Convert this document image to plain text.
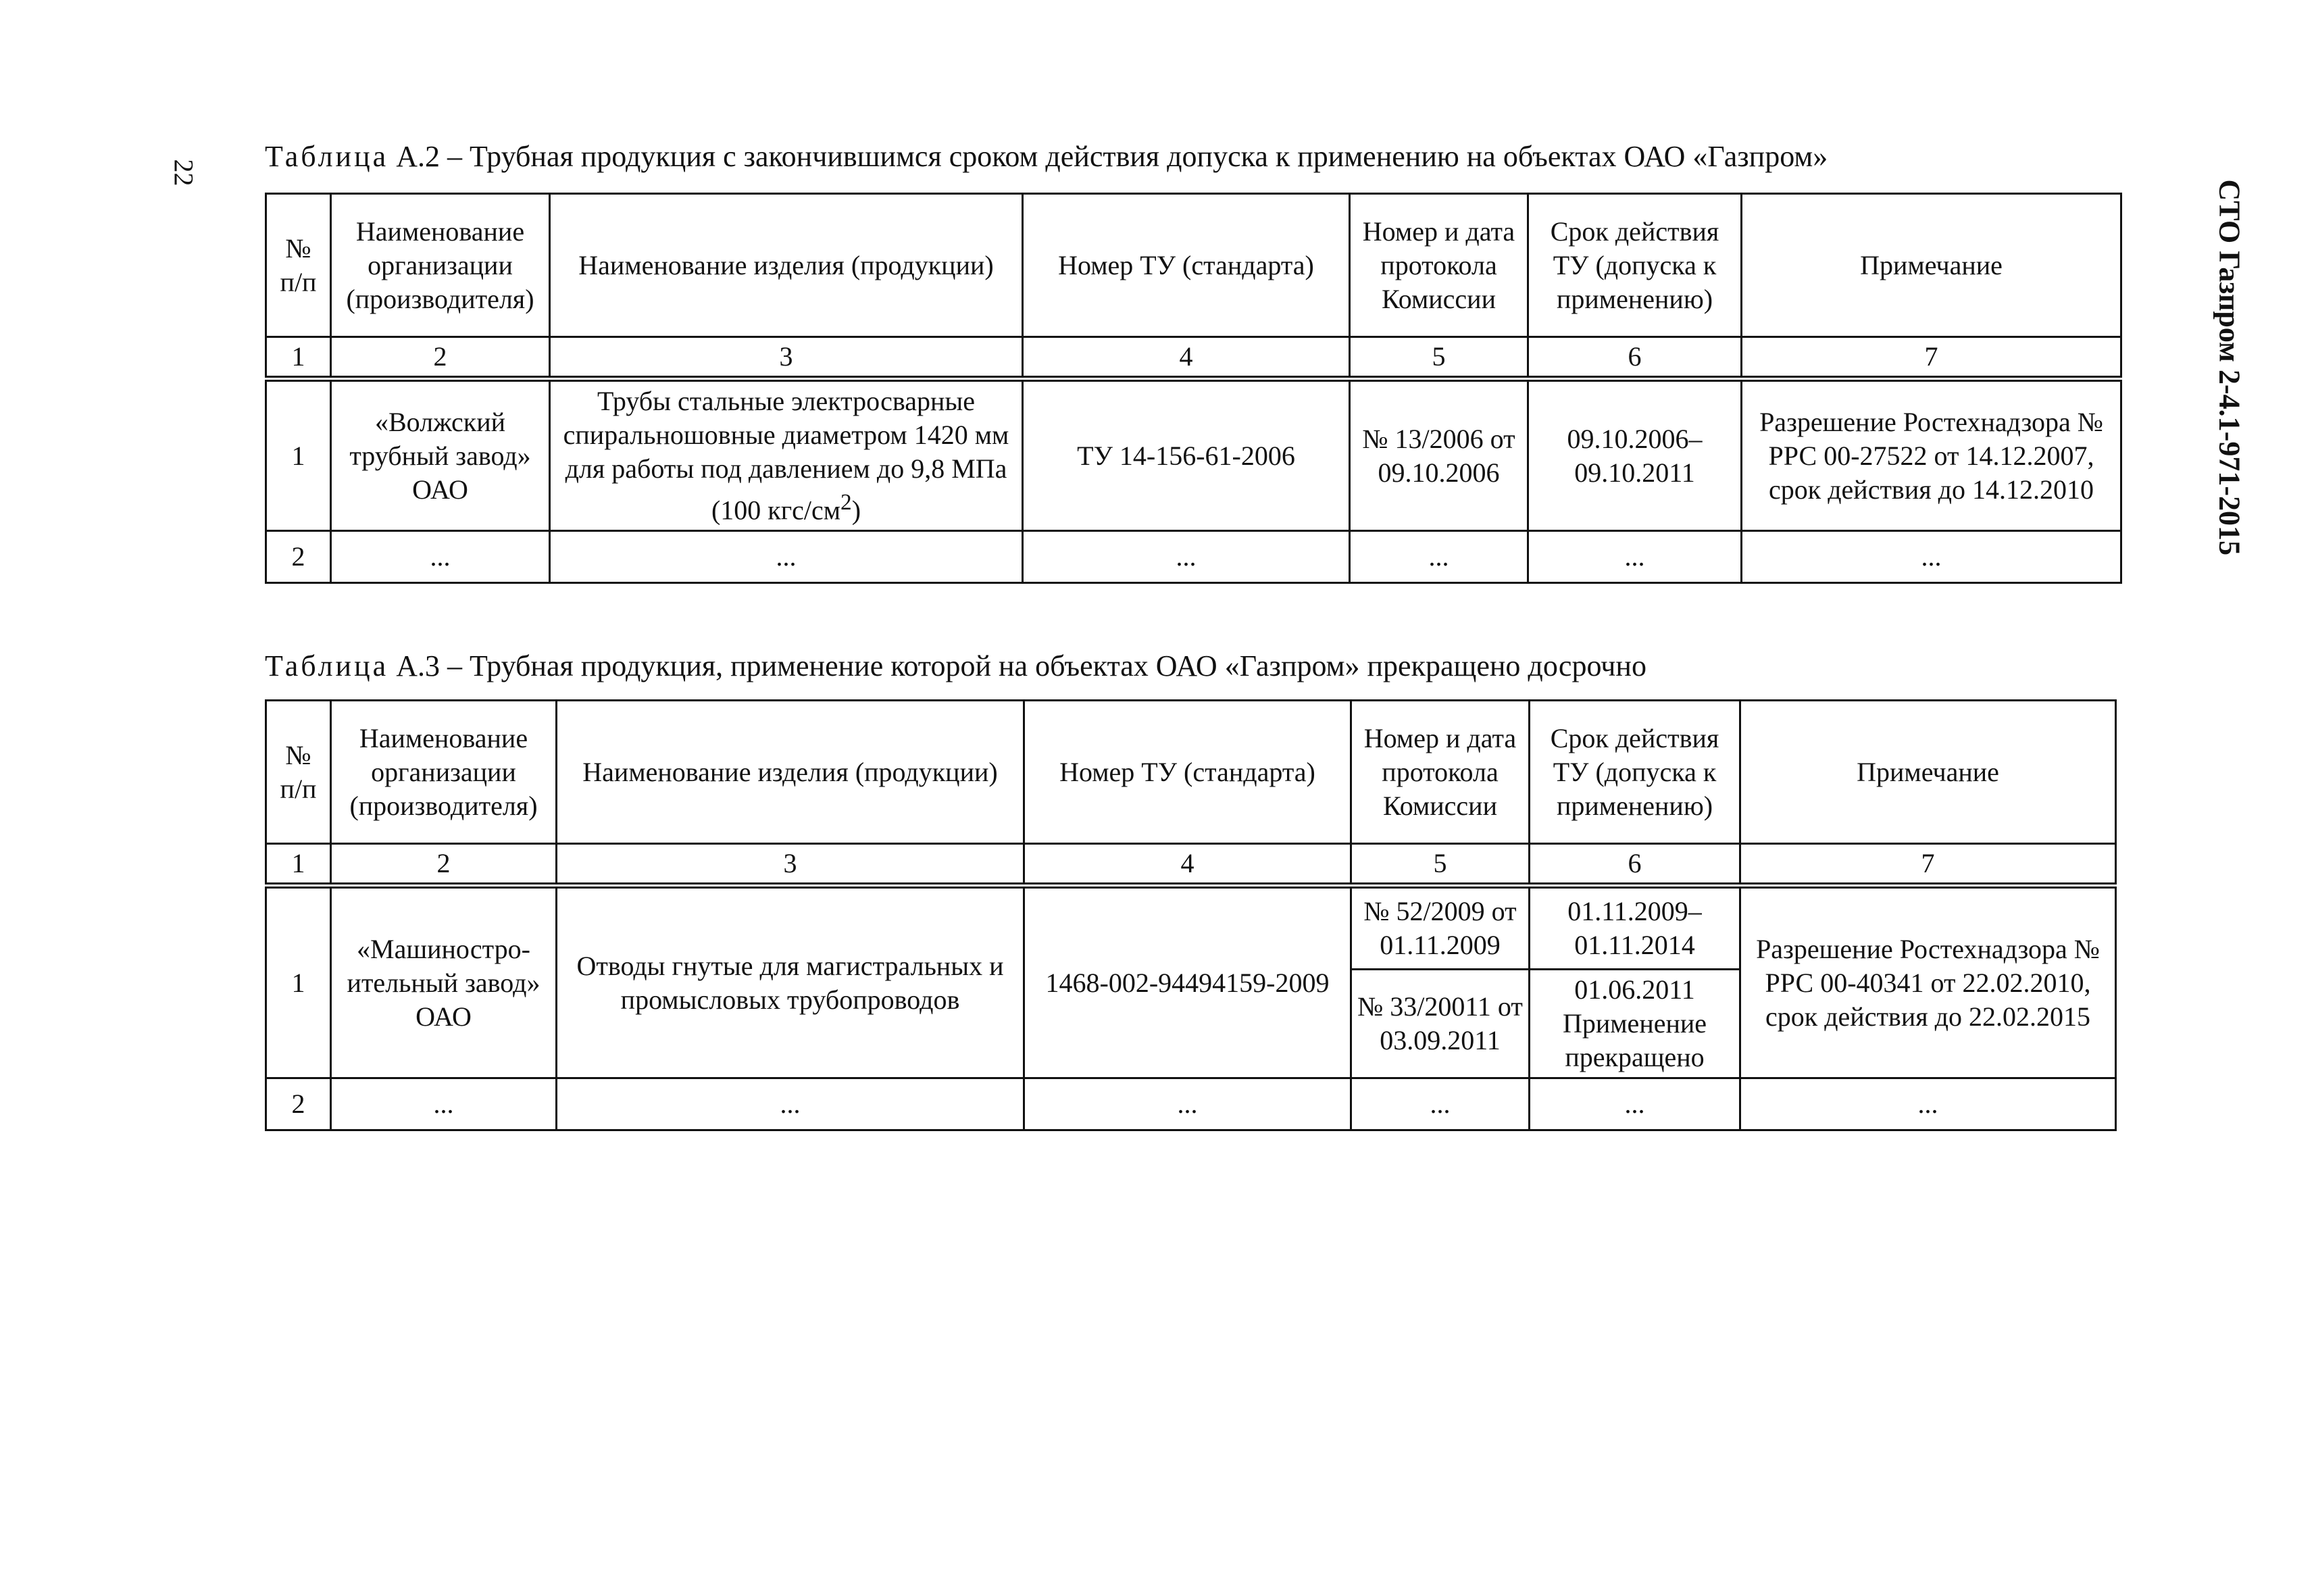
22
СТО Газпром 2-4.1-971-2015
Таблица А.2 – Трубная продукция с закончившимся сроком действия допуска к применению на объектах ОАО «Газпром»
№ п/п	Наименование организации (производителя)	Наименование изделия (продукции)	Номер ТУ (стандарта)	Номер и дата протокола Комиссии	Срок действия ТУ (допуска к применению)	Примечание
1	2	3	4	5	6	7
1	«Волжский трубный завод» ОАО	Трубы стальные электросварные спиральношовные диаметром 1420 мм для работы под давлением до 9,8 МПа (100 кгс/$см^2$)	ТУ 14-156-61-2006	№ 13/2006 от 09.10.2006	09.10.2006– 09.10.2011	Разрешение Ростехнадзора № РРС 00-27522 от 14.12.2007, срок действия до 14.12.2010
2	...	...	...	...	...	...
Таблица А.3 – Трубная продукция, применение которой на объектах ОАО «Газпром» прекращено досрочно
№ п/п	Наименование организации (производителя)	Наименование изделия (продукции)	Номер ТУ (стандарта)	Номер и дата протокола Комиссии	Срок действия ТУ (допуска к применению)	Примечание
1	2	3	4	5	6	7
1	«Машиностро-ительный завод» ОАО	Отводы гнутые для магистральных и промысловых трубопроводов	1468-002-94494159-2009	№ 52/2009 от 01.11.2009	01.11.2009– 01.11.2014	Разрешение Ростехнадзора № РРС 00-40341 от 22.02.2010, срок действия до 22.02.2015
				№ 33/20011 от 03.09.2011	01.06.2011 Применение прекращено	
2	...	...	...	...	...	...
